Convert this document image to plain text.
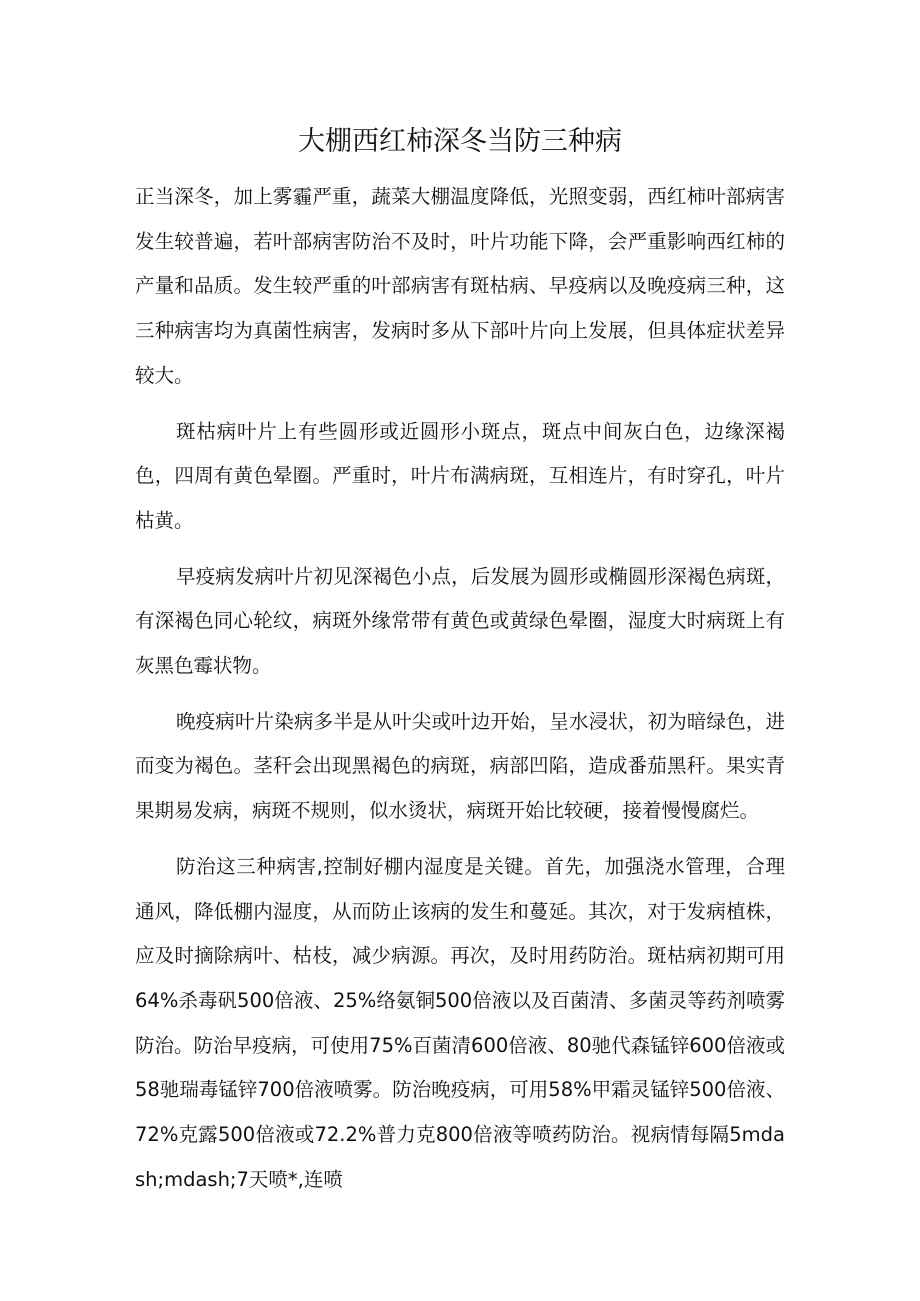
大棚西红柿深冬当防三种病

正当深冬，加上雾霾严重，蔬菜大棚温度降低，光照变弱，西红柿叶部病害发生较普遍，若叶部病害防治不及时，叶片功能下降，会严重影响西红柿的产量和品质。发生较严重的叶部病害有斑枯病、早疫病以及晚疫病三种，这三种病害均为真菌性病害，发病时多从下部叶片向上发展，但具体症状差异较大。

斑枯病叶片上有些圆形或近圆形小斑点，斑点中间灰白色，边缘深褐色，四周有黄色晕圈。严重时，叶片布满病斑，互相连片，有时穿孔，叶片枯黄。

早疫病发病叶片初见深褐色小点，后发展为圆形或椭圆形深褐色病斑，有深褐色同心轮纹，病斑外缘常带有黄色或黄绿色晕圈，湿度大时病斑上有灰黑色霉状物。

晚疫病叶片染病多半是从叶尖或叶边开始，呈水浸状，初为暗绿色，进而变为褐色。茎秆会出现黑褐色的病斑，病部凹陷，造成番茄黑秆。果实青果期易发病，病斑不规则，似水烫状，病斑开始比较硬，接着慢慢腐烂。

防治这三种病害,控制好棚内湿度是关键。首先，加强浇水管理，合理通风，降低棚内湿度，从而防止该病的发生和蔓延。其次，对于发病植株，应及时摘除病叶、枯枝，减少病源。再次，及时用药防治。斑枯病初期可用64%杀毒矾500倍液、25%络氨铜500倍液以及百菌清、多菌灵等药剂喷雾防治。防治早疫病，可使用75%百菌清600倍液、80驰代森锰锌600倍液或58驰瑞毒锰锌700倍液喷雾。防治晚疫病，可用58%甲霜灵锰锌500倍液、72%克露500倍液或72.2%普力克800倍液等喷药防治。视病情每隔5mdash;mdash;7天喷*,连喷
